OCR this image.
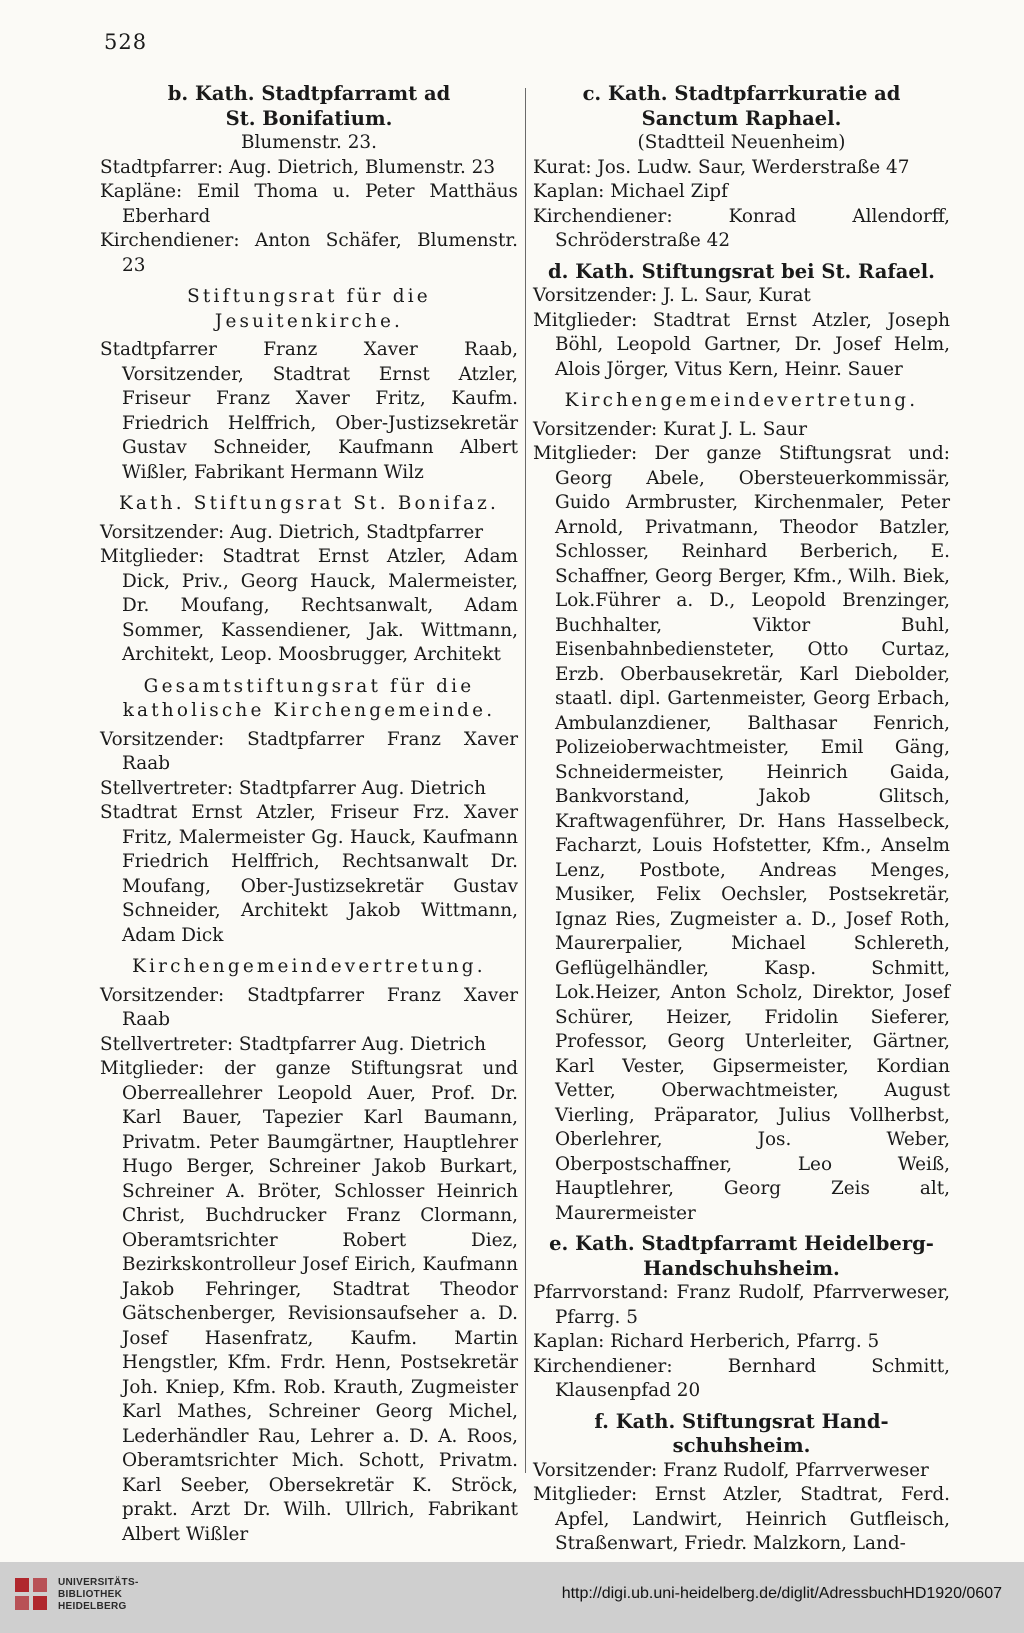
528

b. Kath. Stadtpfarramt ad

St. Bonifatium.

Blumenstr. 23.

Stadtpfarrer: Aug. Dietrich, Blumenstr. 23

Kapläne: Emil Thoma u. Peter Matthäus Eberhard

Kirchendiener: Anton Schäfer, Blumenstr. 23

Stiftungsrat für die Jesuitenkirche.

Stadtpfarrer Franz Xaver Raab, Vorsitzender, Stadtrat Ernst Atzler, Friseur Franz Xaver Fritz, Kaufm. Friedrich Helffrich, Ober-Justizsekretär Gustav Schneider, Kaufmann Albert Wißler, Fabrikant Hermann Wilz

Kath. Stiftungsrat St. Bonifaz.

Vorsitzender: Aug. Dietrich, Stadtpfarrer

Mitglieder: Stadtrat Ernst Atzler, Adam Dick, Priv., Georg Hauck, Malermeister, Dr. Moufang, Rechtsanwalt, Adam Sommer, Kassendiener, Jak. Wittmann, Architekt, Leop. Moosbrugger, Architekt

Gesamtstiftungsrat für die katholische Kirchengemeinde.

Vorsitzender: Stadtpfarrer Franz Xaver Raab

Stellvertreter: Stadtpfarrer Aug. Dietrich

Stadtrat Ernst Atzler, Friseur Frz. Xaver Fritz, Malermeister Gg. Hauck, Kaufmann Friedrich Helffrich, Rechtsanwalt Dr. Moufang, Ober-Justizsekretär Gustav Schneider, Architekt Jakob Wittmann, Adam Dick

Kirchengemeindevertretung.

Vorsitzender: Stadtpfarrer Franz Xaver Raab

Stellvertreter: Stadtpfarrer Aug. Dietrich

Mitglieder: der ganze Stiftungsrat und Oberreallehrer Leopold Auer, Prof. Dr. Karl Bauer, Tapezier Karl Baumann, Privatm. Peter Baumgärtner, Hauptlehrer Hugo Berger, Schreiner Jakob Burkart, Schreiner A. Bröter, Schlosser Heinrich Christ, Buchdrucker Franz Clormann, Oberamtsrichter Robert Diez, Bezirkskontrolleur Josef Eirich, Kaufmann Jakob Fehringer, Stadtrat Theodor Gätschenberger, Revisionsaufseher a. D. Josef Hasenfratz, Kaufm. Martin Hengstler, Kfm. Frdr. Henn, Postsekretär Joh. Kniep, Kfm. Rob. Krauth, Zugmeister Karl Mathes, Schreiner Georg Michel, Lederhändler Rau, Lehrer a. D. A. Roos, Oberamtsrichter Mich. Schott, Privatm. Karl Seeber, Obersekretär K. Ströck, prakt. Arzt Dr. Wilh. Ullrich, Fabrikant Albert Wißler

c. Kath. Stadtpfarrkuratie ad

Sanctum Raphael.

(Stadtteil Neuenheim)

Kurat: Jos. Ludw. Saur, Werderstraße 47

Kaplan: Michael Zipf

Kirchendiener: Konrad Allendorff, Schröderstraße 42

d. Kath. Stiftungsrat bei St. Rafael.

Vorsitzender: J. L. Saur, Kurat

Mitglieder: Stadtrat Ernst Atzler, Joseph Böhl, Leopold Gartner, Dr. Josef Helm, Alois Jörger, Vitus Kern, Heinr. Sauer

Kirchengemeindevertretung.

Vorsitzender: Kurat J. L. Saur

Mitglieder: Der ganze Stiftungsrat und: Georg Abele, Obersteuerkommissär, Guido Armbruster, Kirchenmaler, Peter Arnold, Privatmann, Theodor Batzler, Schlosser, Reinhard Berberich, E. Schaffner, Georg Berger, Kfm., Wilh. Biek, Lok.Führer a. D., Leopold Brenzinger, Buchhalter, Viktor Buhl, Eisenbahnbediensteter, Otto Curtaz, Erzb. Oberbausekretär, Karl Diebolder, staatl. dipl. Gartenmeister, Georg Erbach, Ambulanzdiener, Balthasar Fenrich, Polizeioberwachtmeister, Emil Gäng, Schneidermeister, Heinrich Gaida, Bankvorstand, Jakob Glitsch, Kraftwagenführer, Dr. Hans Hasselbeck, Facharzt, Louis Hofstetter, Kfm., Anselm Lenz, Postbote, Andreas Menges, Musiker, Felix Oechsler, Postsekretär, Ignaz Ries, Zugmeister a. D., Josef Roth, Maurerpalier, Michael Schlereth, Geflügelhändler, Kasp. Schmitt, Lok.Heizer, Anton Scholz, Direktor, Josef Schürer, Heizer, Fridolin Sieferer, Professor, Georg Unterleiter, Gärtner, Karl Vester, Gipsermeister, Kordian Vetter, Oberwachtmeister, August Vierling, Präparator, Julius Vollherbst, Oberlehrer, Jos. Weber, Oberpostschaffner, Leo Weiß, Hauptlehrer, Georg Zeis alt, Maurermeister

e. Kath. Stadtpfarramt Heidelberg-

Handschuhsheim.

Pfarrvorstand: Franz Rudolf, Pfarrverweser, Pfarrg. 5

Kaplan: Richard Herberich, Pfarrg. 5

Kirchendiener: Bernhard Schmitt, Klausenpfad 20

f. Kath. Stiftungsrat Hand-

schuhsheim.

Vorsitzender: Franz Rudolf, Pfarrverweser

Mitglieder: Ernst Atzler, Stadtrat, Ferd. Apfel, Landwirt, Heinrich Gutfleisch, Straßenwart, Friedr. Malzkorn, Land-

UNIVERSITÄTS-
BIBLIOTHEK
HEIDELBERG
http://digi.ub.uni-heidelberg.de/diglit/AdressbuchHD1920/0607
